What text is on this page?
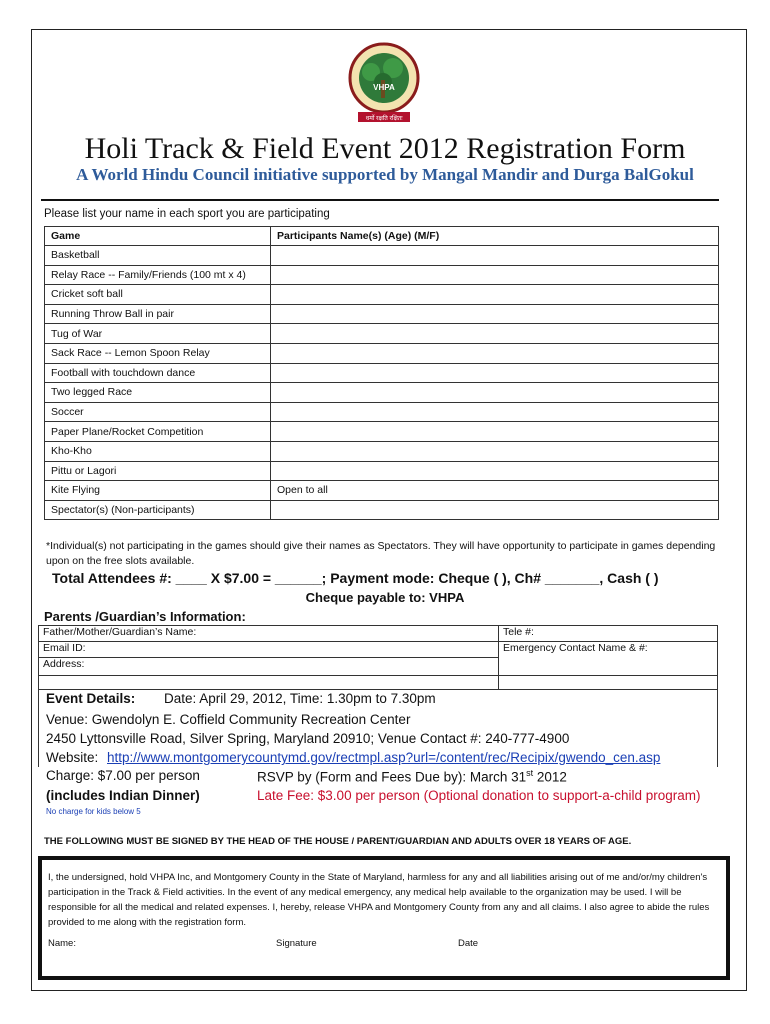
VHPA
धर्मो रक्षति रक्षितः
Holi Track & Field Event 2012 Registration Form
A World Hindu Council initiative supported by Mangal Mandir and Durga BalGokul
Please list your name in each sport you are participating
Game	Participants Name(s) (Age) (M/F)
Basketball	
Relay Race -- Family/Friends (100 mt x 4)	
Cricket soft ball	
Running Throw Ball in pair	
Tug of War	
Sack Race -- Lemon Spoon Relay	
Football with touchdown dance	
Two legged Race	
Soccer	
Paper Plane/Rocket Competition	
Kho-Kho	
Pittu or Lagori	
Kite Flying	Open to all
Spectator(s) (Non-participants)	
*Individual(s) not participating in the games should give their names as Spectators. They will have opportunity to participate in games depending upon on the free slots available.
Total Attendees #: ____ X $7.00 = ______; Payment mode: Cheque ( ), Ch# _______, Cash ( )
Cheque payable to: VHPA
Parents /Guardian’s Information:
Father/Mother/Guardian’s Name:	Tele #:
Email ID:	Emergency Contact Name & #:
Address:	

Event Details: Date: April 29, 2012, Time: 1.30pm to 7.30pm
Venue: Gwendolyn E. Coffield Community Recreation Center
2450 Lyttonsville Road, Silver Spring, Maryland 20910; Venue Contact #: 240-777-4900
Website: http://www.montgomerycountymd.gov/rectmpl.asp?url=/content/rec/Recipix/gwendo_cen.asp
Charge: $7.00 per person	RSVP by (Form and Fees Due by): March 31st 2012
(includes Indian Dinner)	Late Fee: $3.00 per person (Optional donation to support-a-child program)
No charge for kids below 5
THE FOLLOWING MUST BE SIGNED BY THE HEAD OF THE HOUSE / PARENT/GUARDIAN AND ADULTS OVER 18 YEARS OF AGE.
I, the undersigned, hold VHPA Inc, and Montgomery County in the State of Maryland, harmless for any and all liabilities arising out of me and/or/my children's participation in the Track & Field activities. In the event of any medical emergency, any medical help available to the organization may be used. I will be responsible for all the medical and related expenses. I, hereby, release VHPA and Montgomery County from any and all claims. I also agree to abide the rules provided to me along with the registration form.
Name:	Signature	Date
